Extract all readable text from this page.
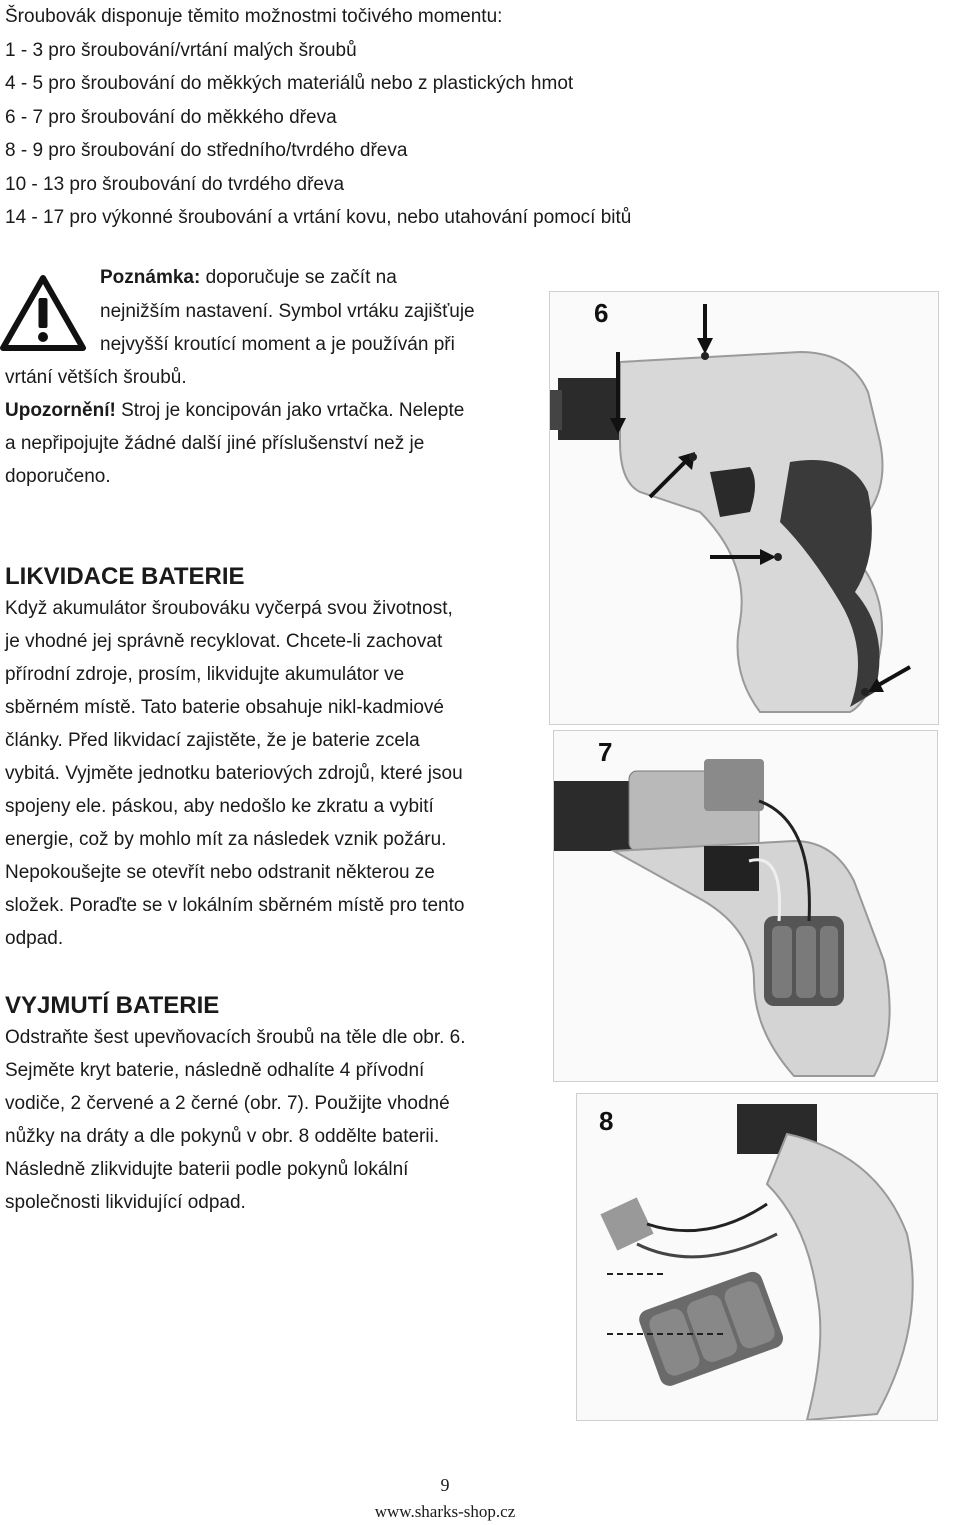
Šroubovák disponuje těmito možnostmi točivého momentu:
1 - 3 pro šroubování/vrtání malých šroubů
4 - 5 pro šroubování do měkkých materiálů nebo z plastických hmot
6 - 7 pro šroubování do měkkého dřeva
8 - 9 pro šroubování do středního/tvrdého dřeva
10 - 13 pro šroubování do tvrdého dřeva
14 - 17 pro výkonné šroubování a vrtání kovu, nebo utahování pomocí bitů
Poznámka: doporučuje se začít na
nejnižším nastavení. Symbol vrtáku zajišťuje
nejvyšší kroutící moment a je používán při
vrtání větších šroubů.
Upozornění! Stroj je koncipován jako vrtačka. Nelepte
a nepřipojujte žádné další jiné příslušenství než je
doporučeno.
LIKVIDACE BATERIE
Když akumulátor šroubováku vyčerpá svou životnost,
je vhodné jej správně recyklovat. Chcete-li zachovat
přírodní zdroje, prosím, likvidujte akumulátor ve
sběrném místě. Tato baterie obsahuje nikl-kadmiové
články. Před likvidací zajistěte, že je baterie zcela
vybitá. Vyjměte jednotku bateriových zdrojů, které jsou
spojeny ele. páskou, aby nedošlo ke zkratu a vybití
energie, což by mohlo mít za následek vznik požáru.
Nepokoušejte se otevřít nebo odstranit některou ze
složek. Poraďte se v lokálním sběrném místě pro tento
odpad.
VYJMUTÍ BATERIE
Odstraňte šest upevňovacích šroubů na těle dle obr. 6.
Sejměte kryt baterie, následně odhalíte 4 přívodní
vodiče, 2 červené a 2 černé (obr. 7). Použijte vhodné
nůžky na dráty a dle pokynů v obr. 8 oddělte baterii.
Následně zlikvidujte baterii podle pokynů lokální
společnosti likvidující odpad.
6
7
8
9
www.sharks-shop.cz
